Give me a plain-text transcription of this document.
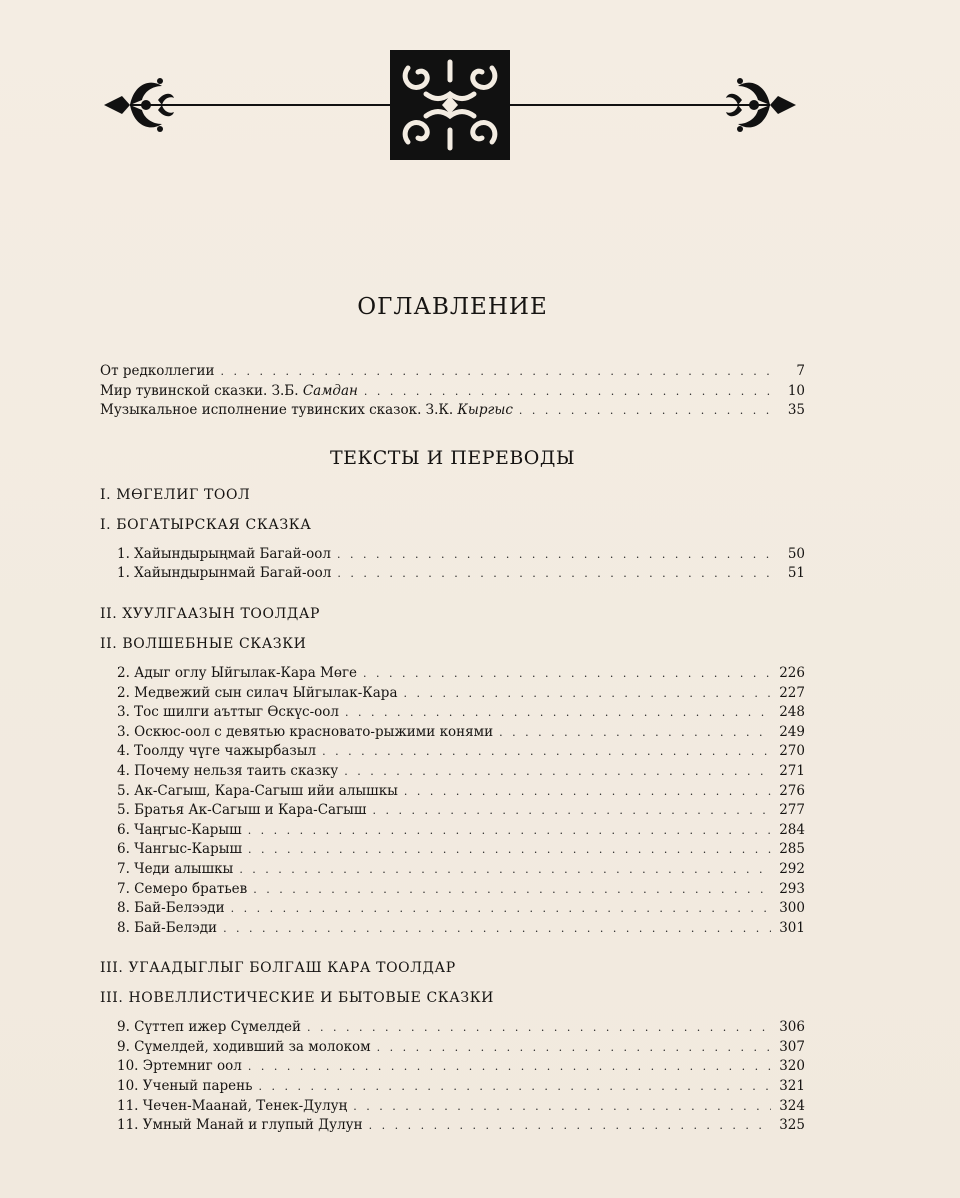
ОГЛАВЛЕНИЕ
От редколлегии . . .	7
Мир тувинской сказки. З.Б. Самдан . . .	10
Музыкальное исполнение тувинских сказок. З.К. Кыргыс . . .	35
ТЕКСТЫ И ПЕРЕВОДЫ
I. МӨГЕЛИГ ТООЛ
I. БОГАТЫРСКАЯ СКАЗКА
1. Хайындырыңмай Багай-оол . . .	50
1. Хайындырынмай Багай-оол . . .	51
II. ХУУЛГААЗЫН ТООЛДАР
II. ВОЛШЕБНЫЕ СКАЗКИ
2. Адыг оглу Ыйгылак-Кара Мөге . . .	226
2. Медвежий сын силач Ыйгылак-Кара . . .	227
3. Тос шилги аъттыг Өскүс-оол . . .	248
3. Оскюс-оол с девятью красновато-рыжими конями . . .	249
4. Тоолду чүге чажырбазыл . . .	270
4. Почему нельзя таить сказку . . .	271
5. Ак-Сагыш, Кара-Сагыш ийи алышкы . . .	276
5. Братья Ак-Сагыш и Кара-Сагыш . . .	277
6. Чаңгыс-Карыш . . .	284
6. Чангыс-Карыш . . .	285
7. Чеди алышкы . . .	292
7. Семеро братьев . . .	293
8. Бай-Белээди . . .	300
8. Бай-Белэди . . .	301
III. УГААДЫГЛЫГ БОЛГАШ КАРА ТООЛДАР
III. НОВЕЛЛИСТИЧЕСКИЕ И БЫТОВЫЕ СКАЗКИ
9. Сүттеп ижер Сүмелдей . . .	306
9. Сүмелдей, ходивший за молоком . . .	307
10. Эртемниг оол . . .	320
10. Ученый парень . . .	321
11. Чечен-Маанай, Тенек-Дулуң . . .	324
11. Умный Манай и глупый Дулун . . .	325
